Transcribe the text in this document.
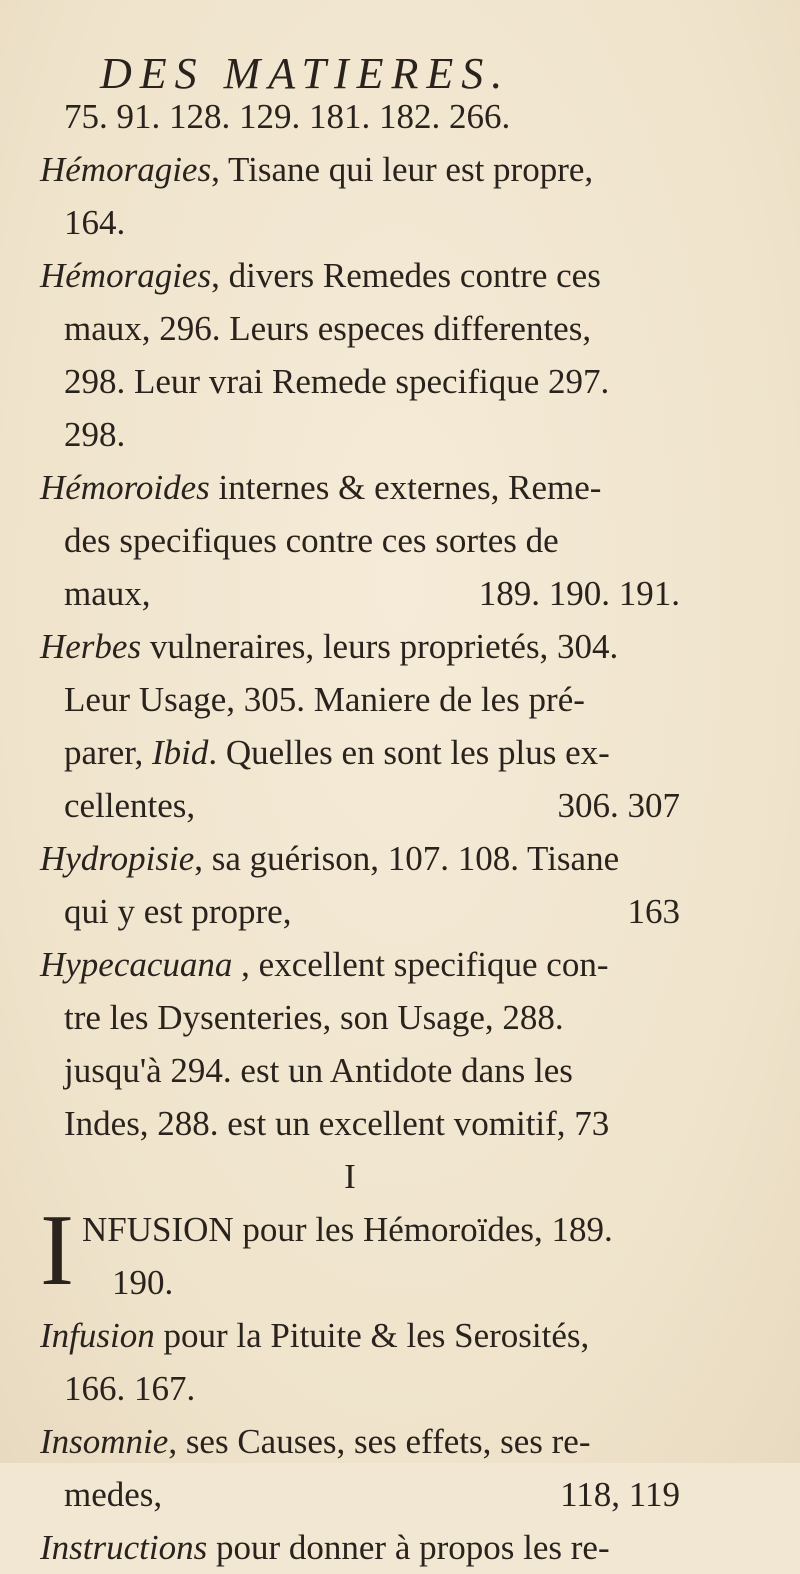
DES MATIERES.
75. 91. 128. 129. 181. 182. 266.
Hémoragies, Tisane qui leur est propre,
164.
Hémoragies, divers Remedes contre ces
maux, 296. Leurs especes differentes,
298. Leur vrai Remede specifique 297.
298.
Hémoroides internes & externes, Reme-
des specifiques contre ces sortes de
maux,	189. 190. 191.
Herbes vulneraires, leurs proprietés, 304.
Leur Usage, 305. Maniere de les pré-
parer, Ibid. Quelles en sont les plus ex-
cellentes,	306. 307
Hydropisie, sa guérison, 107. 108. Tisane
qui y est propre,	163
Hypecacuana , excellent specifique con-
tre les Dysenteries, son Usage, 288.
jusqu'à 294. est un Antidote dans les
Indes, 288. est un excellent vomitif, 73
I
INFUSION pour les Hémoroïdes, 189.
190.
Infusion pour la Pituite & les Serosités,
166. 167.
Insomnie, ses Causes, ses effets, ses re-
medes,	118, 119
Instructions pour donner à propos les re-
